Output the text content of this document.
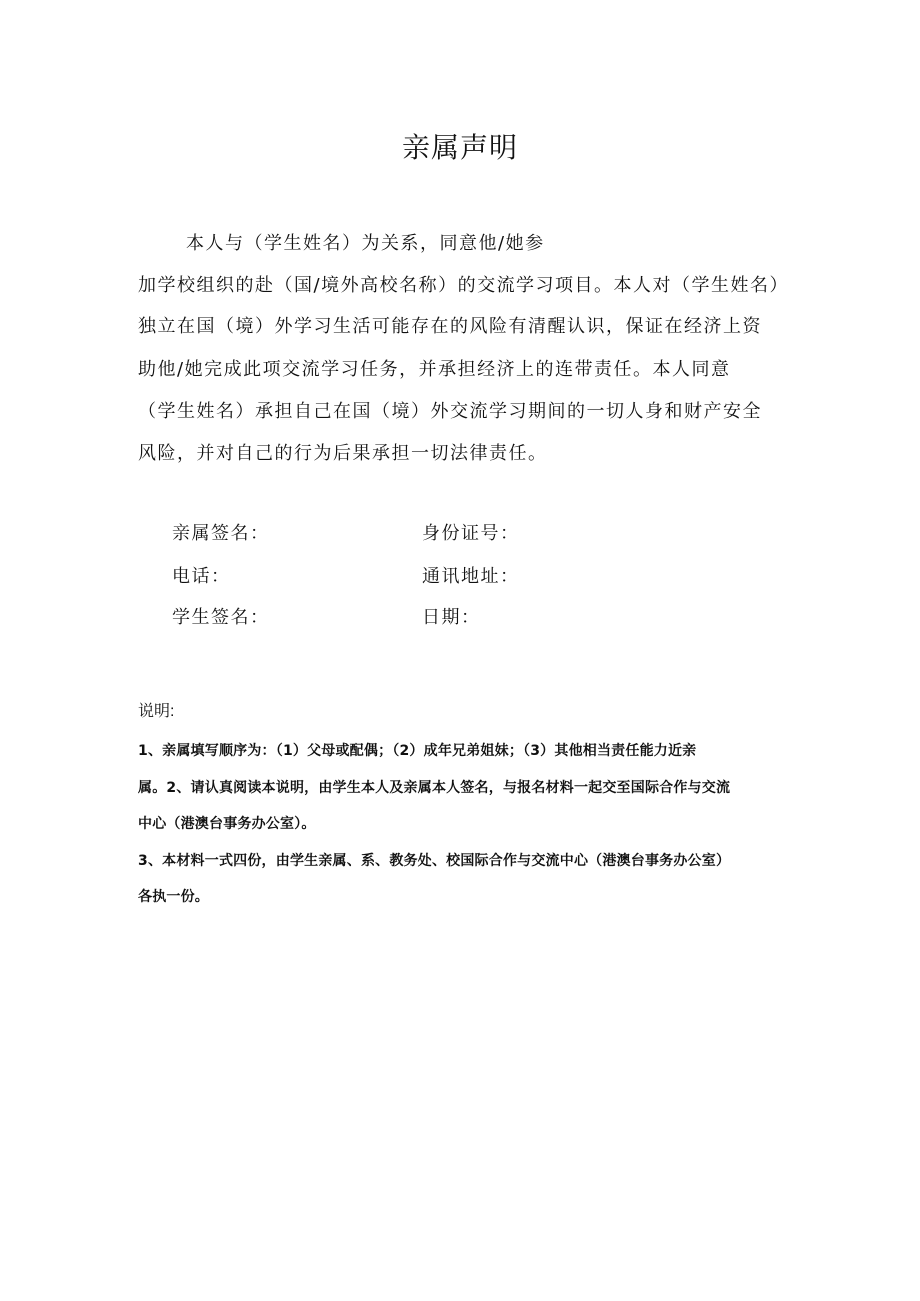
亲属声明

本人与（学生姓名）为关系，同意他/她参

加学校组织的赴（国/境外高校名称）的交流学习项目。本人对（学生姓名）

独立在国（境）外学习生活可能存在的风险有清醒认识，保证在经济上资

助他/她完成此项交流学习任务，并承担经济上的连带责任。本人同意

（学生姓名）承担自己在国（境）外交流学习期间的一切人身和财产安全

风险，并对自己的行为后果承担一切法律责任。

亲属签名：	身份证号：
电话：	通讯地址：
学生签名：	日期：
说明:
1、亲属填写顺序为：（1）父母或配偶；（2）成年兄弟姐妹；（3）其他相当责任能力近亲
属。2、请认真阅读本说明，由学生本人及亲属本人签名，与报名材料一起交至国际合作与交流
中心（港澳台事务办公室）。
3、本材料一式四份，由学生亲属、系、教务处、校国际合作与交流中心（港澳台事务办公室）
各执一份。
